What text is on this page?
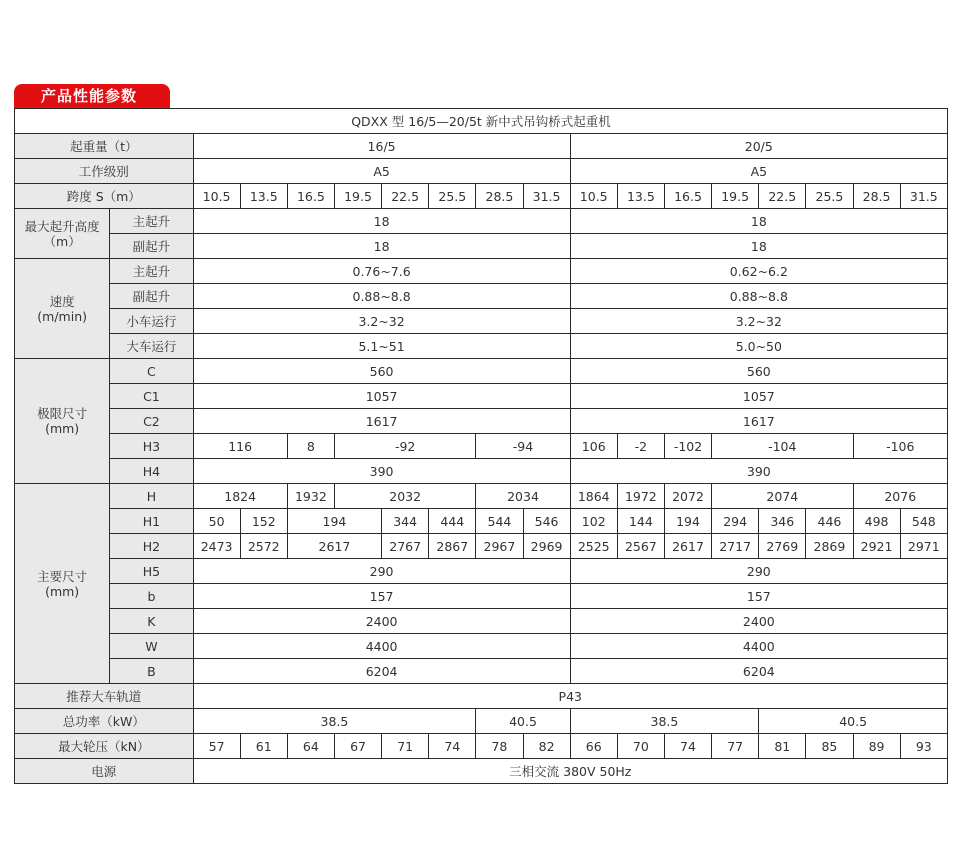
产品性能参数
QDXX 型 16/5—20/5t 新中式吊钩桥式起重机																	
起重量（t）		16/5								20/5							
工作级别		A5								A5							
跨度 S（m）		10.5	13.5	16.5	19.5	22.5	25.5	28.5	31.5	10.5	13.5	16.5	19.5	22.5	25.5	28.5	31.5
最大起升高度（m）	主起升	18								18							
	副起升	18								18							
速度
(m/min)	主起升	0.76~7.6								0.62~6.2							
	副起升	0.88~8.8								0.88~8.8							
	小车运行	3.2~32								3.2~32							
	大车运行	5.1~51								5.0~50							
极限尺寸
(mm)	C	560								560							
	C1	1057								1057							
	C2	1617								1617							
	H3	116		8	-92			-94		106	-2	-102	-104			-106	
	H4	390								390							
主要尺寸
(mm)	H	1824		1932	2032			2034		1864	1972	2072	2074			2076	
	H1	50	152	194		344	444	544	546	102	144	194	294	346	446	498	548
	H2	2473	2572	2617		2767	2867	2967	2969	2525	2567	2617	2717	2769	2869	2921	2971
	H5	290								290							
	b	157								157							
	K	2400								2400							
	W	4400								4400							
	B	6204								6204							
推荐大车轨道		P43															
总功率（kW）		38.5						40.5		38.5				40.5			
最大轮压（kN）		57	61	64	67	71	74	78	82	66	70	74	77	81	85	89	93
电源		三相交流 380V 50Hz															
